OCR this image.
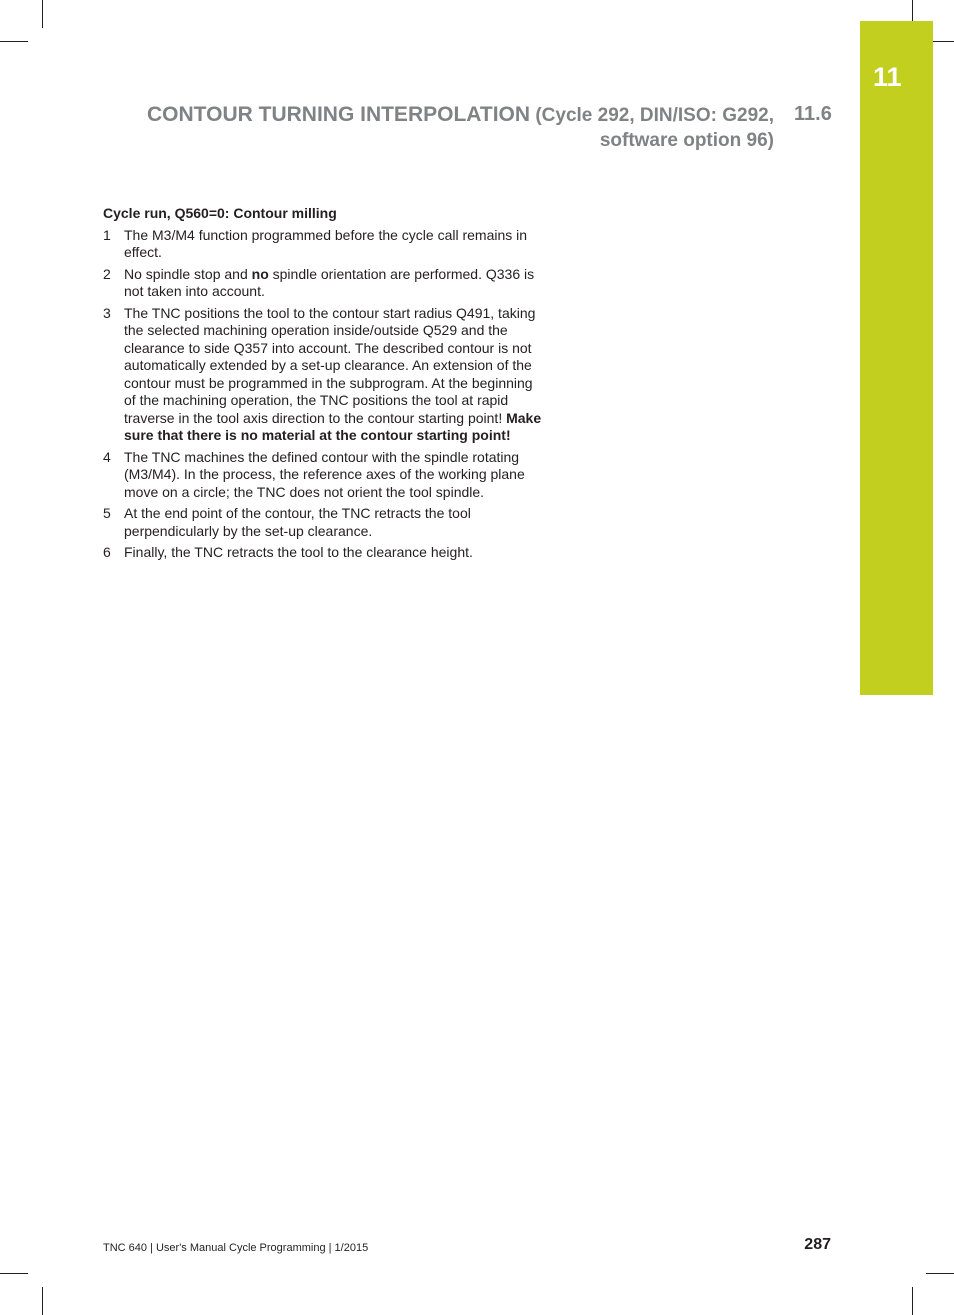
11
CONTOUR TURNING INTERPOLATION (Cycle 292, DIN/ISO: G292,
software option 96)
11.6
Cycle run, Q560=0: Contour milling
1 The M3/M4 function programmed before the cycle call remains in effect.
2 No spindle stop and no spindle orientation are performed. Q336 is not taken into account.
3 The TNC positions the tool to the contour start radius Q491, taking the selected machining operation inside/outside Q529 and the clearance to side Q357 into account. The described contour is not automatically extended by a set-up clearance. An extension of the contour must be programmed in the subprogram. At the beginning of the machining operation, the TNC positions the tool at rapid traverse in the tool axis direction to the contour starting point! Make sure that there is no material at the contour starting point!
4 The TNC machines the defined contour with the spindle rotating (M3/M4). In the process, the reference axes of the working plane move on a circle; the TNC does not orient the tool spindle.
5 At the end point of the contour, the TNC retracts the tool perpendicularly by the set-up clearance.
6 Finally, the TNC retracts the tool to the clearance height.
TNC 640 | User's Manual Cycle Programming | 1/2015	287
